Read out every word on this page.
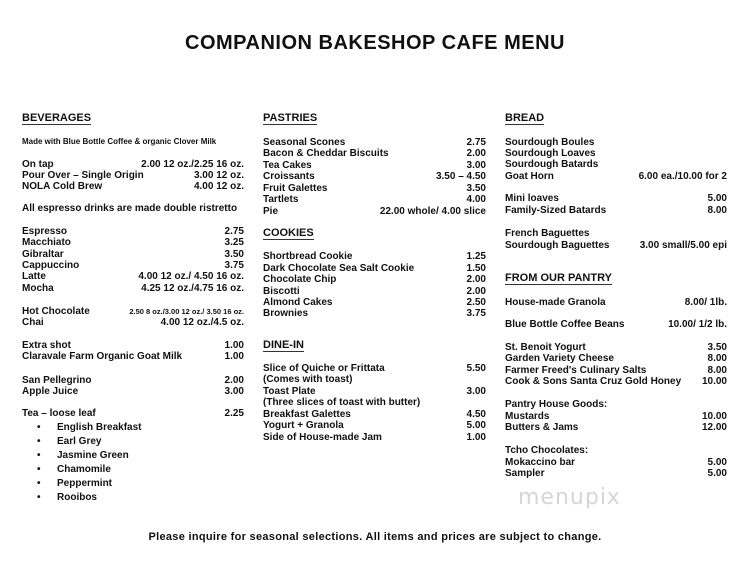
COMPANION BAKESHOP CAFE MENU
BEVERAGES
Made with Blue Bottle Coffee & organic Clover Milk
On tap	2.00 12 oz./2.25 16 oz.
Pour Over – Single Origin	3.00 12 oz.
NOLA Cold Brew	4.00 12 oz.
All espresso drinks are made double ristretto
Espresso	2.75
Macchiato	3.25
Gibraltar	3.50
Cappuccino	3.75
Latte	4.00 12 oz./ 4.50 16 oz.
Mocha	4.25 12 oz./4.75 16 oz.
Hot Chocolate	2.50 8 oz./3.00 12 oz./ 3.50 16 oz.
Chai	4.00 12 oz./4.5 oz.
Extra shot	1.00
Claravale Farm Organic Goat Milk	1.00
San Pellegrino	2.00
Apple Juice	3.00
Tea – loose leaf	2.25
• English Breakfast
• Earl Grey
• Jasmine Green
• Chamomile
• Peppermint
• Rooibos
PASTRIES
Seasonal Scones	2.75
Bacon & Cheddar Biscuits	2.00
Tea Cakes	3.00
Croissants	3.50 – 4.50
Fruit Galettes	3.50
Tartlets	4.00
Pie	22.00 whole/ 4.00 slice
COOKIES
Shortbread Cookie	1.25
Dark Chocolate Sea Salt Cookie	1.50
Chocolate Chip	2.00
Biscotti	2.00
Almond Cakes	2.50
Brownies	3.75
DINE-IN
Slice of Quiche or Frittata	5.50
(Comes with toast)
Toast Plate	3.00
(Three slices of toast with butter)
Breakfast Galettes	4.50
Yogurt + Granola	5.00
Side of House-made Jam	1.00
BREAD
Sourdough Boules
Sourdough Loaves
Sourdough Batards
Goat Horn	6.00 ea./10.00 for 2
Mini loaves	5.00
Family-Sized Batards	8.00
French Baguettes
Sourdough Baguettes	3.00 small/5.00 epi
FROM OUR PANTRY
House-made Granola	8.00/ 1lb.
Blue Bottle Coffee Beans	10.00/ 1/2 lb.
St. Benoit Yogurt	3.50
Garden Variety Cheese	8.00
Farmer Freed's Culinary Salts	8.00
Cook & Sons Santa Cruz Gold Honey 10.00
Pantry House Goods:
Mustards	10.00
Butters & Jams	12.00
Tcho Chocolates:
Mokaccino bar	5.00
Sampler	5.00
menupix
Please inquire for seasonal selections. All items and prices are subject to change.
